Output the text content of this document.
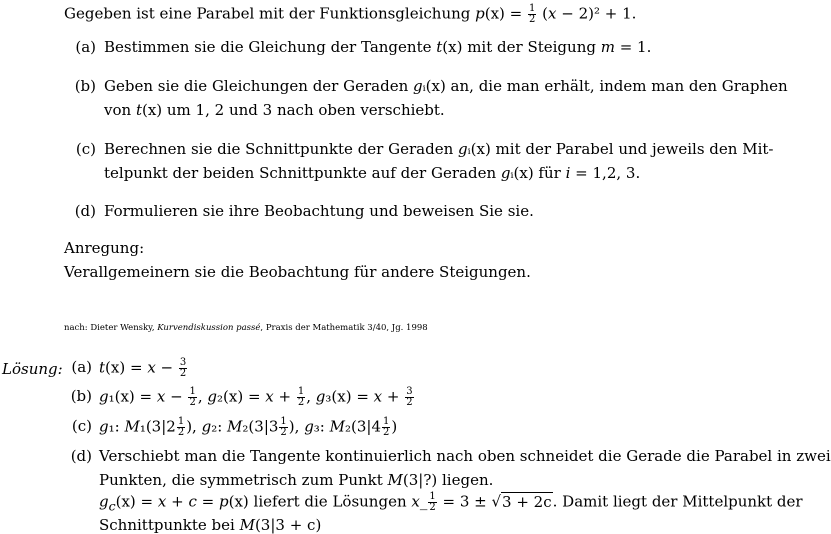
Gegeben ist eine Parabel mit der Funktionsgleichung $p(x) = \frac{1}{2} (x - 2)^2 + 1$.
(a) Bestimmen sie die Gleichung der Tangente t(x) mit der Steigung m = 1.
(b) Geben sie die Gleichungen der Geraden gᵢ(x) an, die man erhält, indem man den Graphen
von t(x) um 1, 2 und 3 nach oben verschiebt.
(c) Berechnen sie die Schnittpunkte der Geraden gᵢ(x) mit der Parabel und jeweils den Mit-
telpunkt der beiden Schnittpunkte auf der Geraden gᵢ(x) für i = 1,2, 3.
(d) Formulieren sie ihre Beobachtung und beweisen Sie sie.
Anregung:
Verallgemeinern sie die Beobachtung für andere Steigungen.
nach: Dieter Wensky, Kurvendiskussion passé, Praxis der Mathematik 3/40, Jg. 1998
Lösung: (a) $t(x) = x - \frac{3}{2}$
(b) $g_1(x) = x - \frac{1}{2}$ , $g_2(x) = x + \frac{1}{2}$ , $g_3(x) = x + \frac{3}{2}$
(c) g₁: $M_1(3|2 \frac{1}{2}$ ), g₂: $M_2(3|3 \frac{1}{2}$ ), g₃: $M_2(3|4 \frac{1}{2}$ )
(d) Verschiebt man die Tangente kontinuierlich nach oben schneidet die Gerade die Parabel in zwei
Punkten, die symmetrisch zum Punkt M(3|?) liegen.
$g_c(x) = x + c = p(x)$ liefert die Lösungen x_ $\frac{1}{2} = 3 \pm √3 + 2c$. Damit liegt der Mittelpunkt der
Schnittpunkte bei M(3|3 + c)
